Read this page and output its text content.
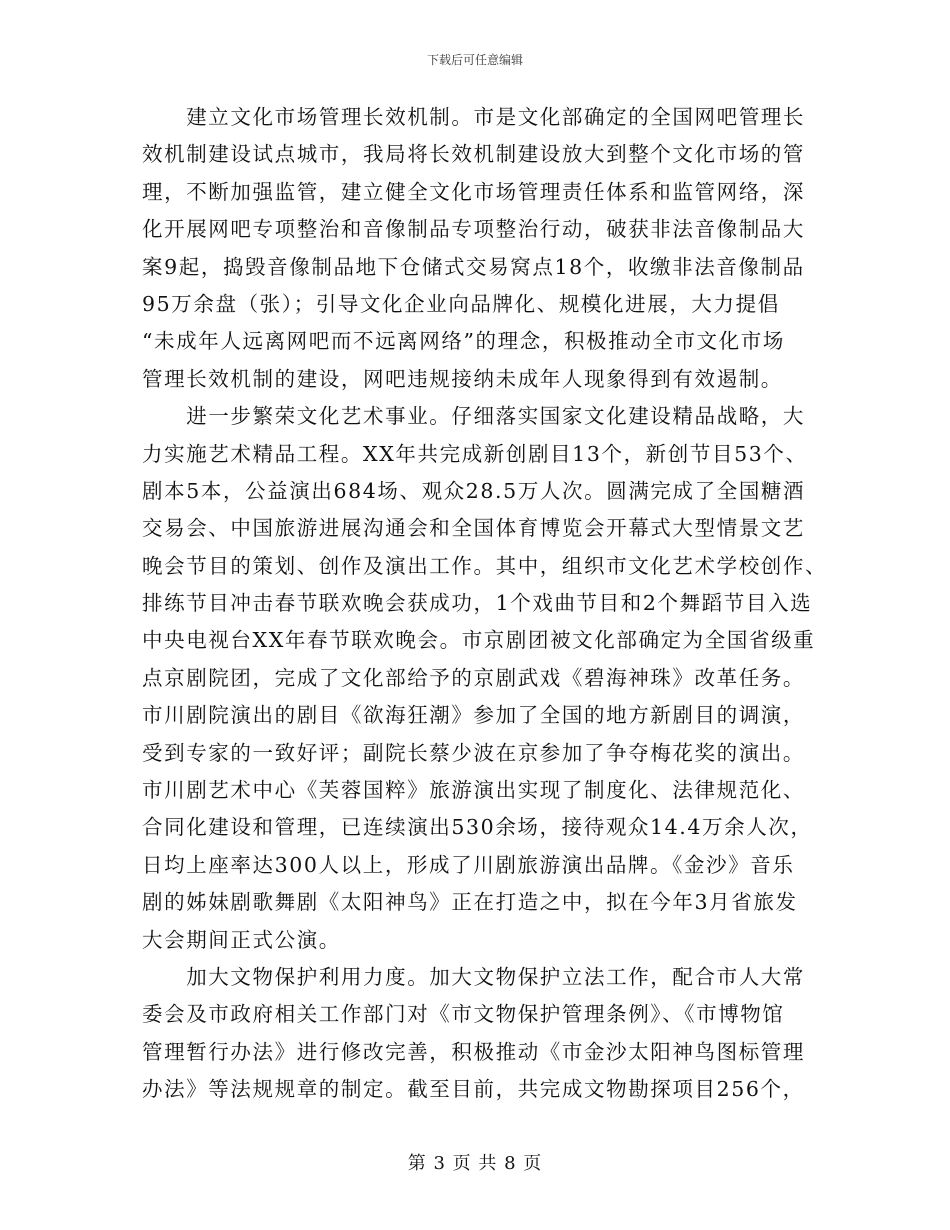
下载后可任意编辑
　　建立文化市场管理长效机制。市是文化部确定的全国网吧管理长
效机制建设试点城市，我局将长效机制建设放大到整个文化市场的管
理，不断加强监管，建立健全文化市场管理责任体系和监管网络，深
化开展网吧专项整治和音像制品专项整治行动，破获非法音像制品大
案9起，捣毁音像制品地下仓储式交易窝点18个，收缴非法音像制品
95万余盘（张）；引导文化企业向品牌化、规模化进展，大力提倡
“未成年人远离网吧而不远离网络”的理念，积极推动全市文化市场
管理长效机制的建设，网吧违规接纳未成年人现象得到有效遏制。
　　进一步繁荣文化艺术事业。仔细落实国家文化建设精品战略，大
力实施艺术精品工程。XX年共完成新创剧目13个，新创节目53个、
剧本5本，公益演出684场、观众28.5万人次。圆满完成了全国糖酒
交易会、中国旅游进展沟通会和全国体育博览会开幕式大型情景文艺
晚会节目的策划、创作及演出工作。其中，组织市文化艺术学校创作、
排练节目冲击春节联欢晚会获成功，1个戏曲节目和2个舞蹈节目入选
中央电视台XX年春节联欢晚会。市京剧团被文化部确定为全国省级重
点京剧院团，完成了文化部给予的京剧武戏《碧海神珠》改革任务。
市川剧院演出的剧目《欲海狂潮》参加了全国的地方新剧目的调演，
受到专家的一致好评；副院长蔡少波在京参加了争夺梅花奖的演出。
市川剧艺术中心《芙蓉国粹》旅游演出实现了制度化、法律规范化、
合同化建设和管理，已连续演出530余场，接待观众14.4万余人次，
日均上座率达300人以上，形成了川剧旅游演出品牌。《金沙》音乐
剧的姊妹剧歌舞剧《太阳神鸟》正在打造之中，拟在今年3月省旅发
大会期间正式公演。
　　加大文物保护利用力度。加大文物保护立法工作，配合市人大常
委会及市政府相关工作部门对《市文物保护管理条例》、《市博物馆
管理暂行办法》进行修改完善，积极推动《市金沙太阳神鸟图标管理
办法》等法规规章的制定。截至目前，共完成文物勘探项目256个，
第 3 页 共 8 页
